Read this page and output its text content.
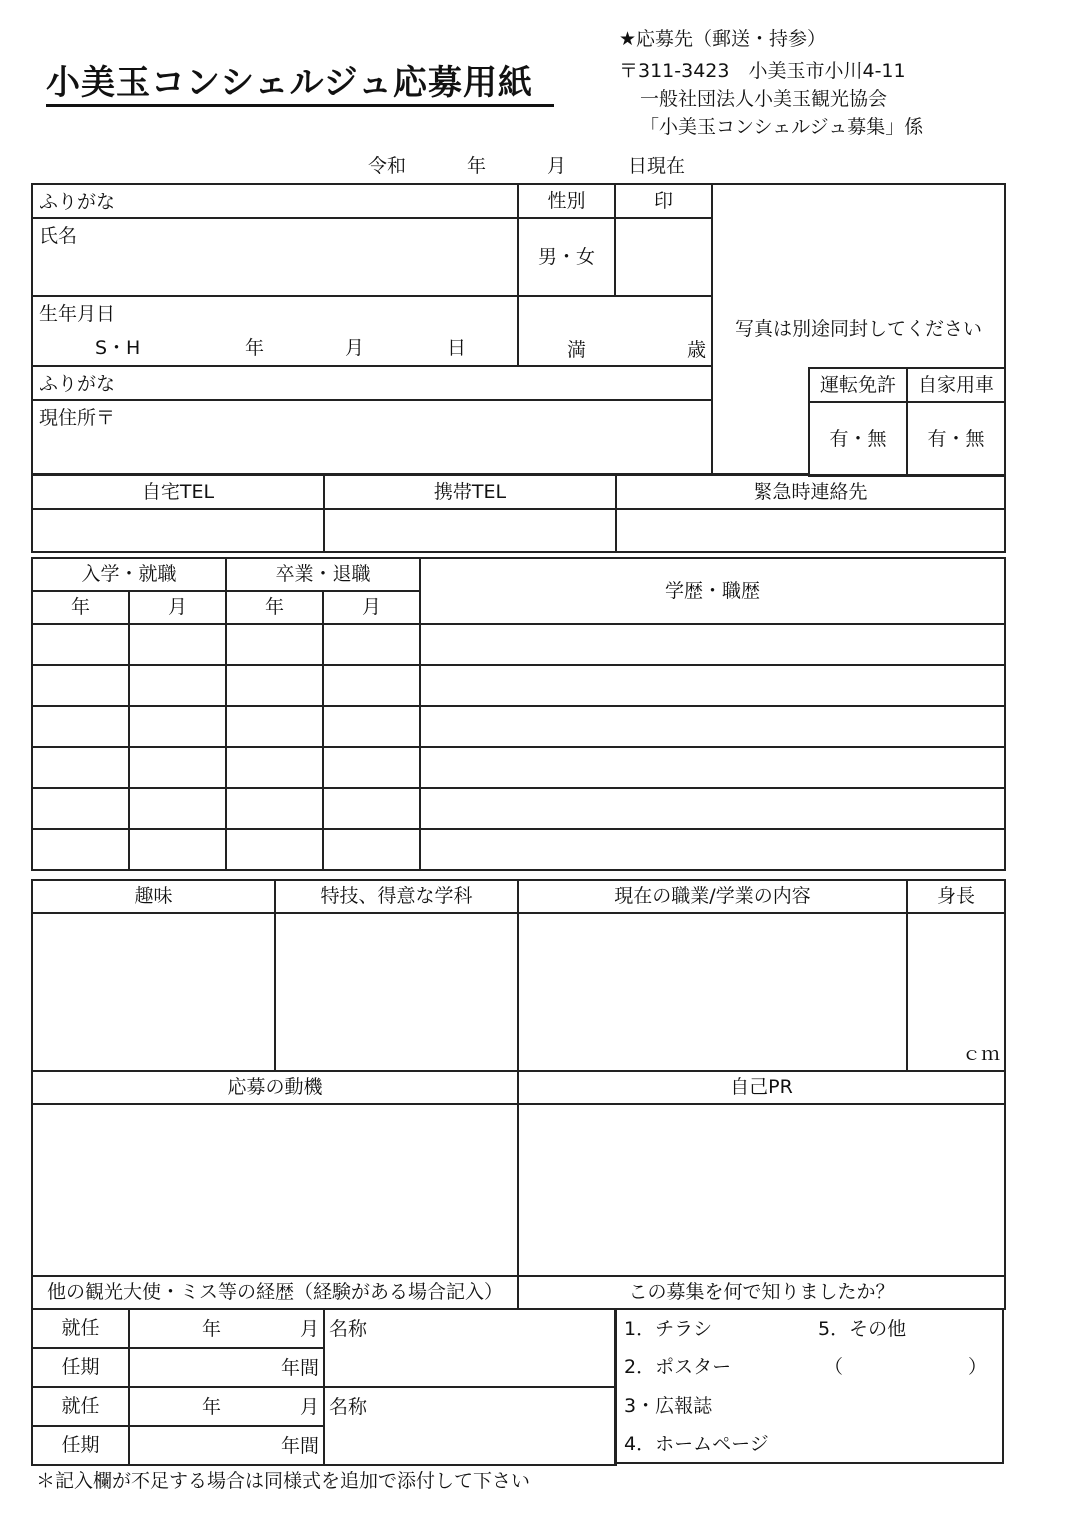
小美玉コンシェルジュ応募用紙
★応募先（郵送・持参）
〒311-3423　小美玉市小川4-11
一般社団法人小美玉観光協会
「小美玉コンシェルジュ募集」係
令和	年	月	日現在
ふりがな	性別	印	写真は別途同封してください

氏名	男・女		

生年月日
S・H 年 月 日	満 歳		

ふりがな			

現住所〒			
運転免許	自家用車
有・無	有・無
自宅TEL	携帯TEL	緊急時連絡先

入学・就職		卒業・退職		学歴・職歴
年	月	年	月	

趣味	特技、得意な学科	現在の職業/学業の内容	身長

			ｃｍ

応募の動機		自己PR	

他の観光大使・ミス等の経歴（経験がある場合記入）		この募集を何で知りましたか？	
就任	年 月	名称

任期	年間	

就任	年 月	名称

任期	年間	
1．チラシ
2．ポスター
3・広報誌
4．ホームページ
5．その他
（	）
＊記入欄が不足する場合は同様式を追加で添付して下さい
